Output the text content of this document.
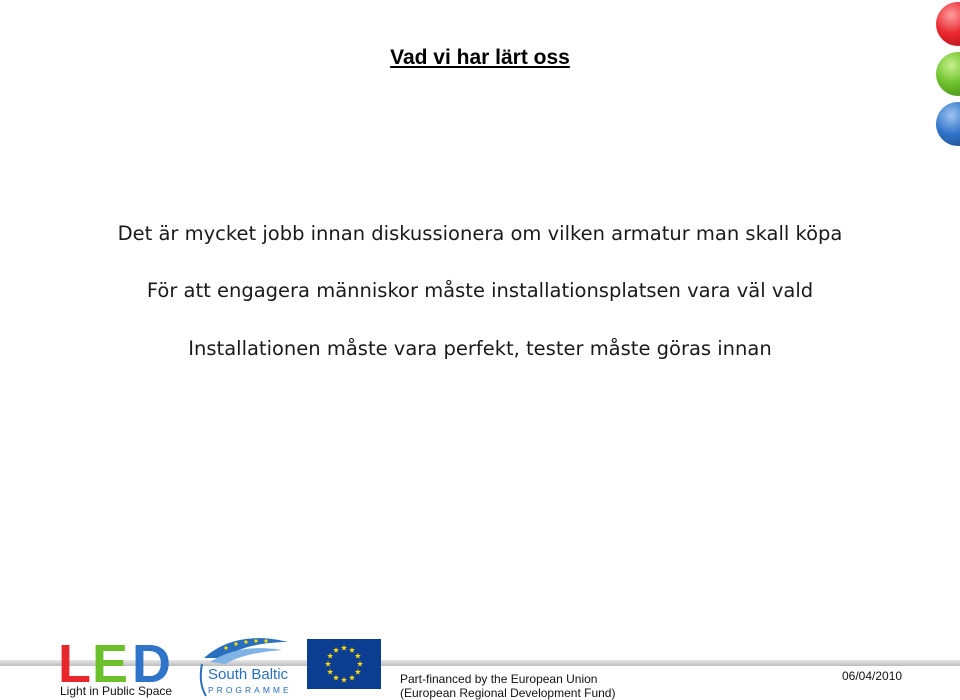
Vad vi har lärt oss
Det är mycket jobb innan diskussionera om vilken armatur man skall köpa
För att engagera människor måste installationsplatsen vara väl vald
Installationen måste vara perfekt, tester måste göras innan
L E D
Light in Public Space
South Baltic
PROGRAMME
Part-financed by the European Union
(European Regional Development Fund)
06/04/2010
